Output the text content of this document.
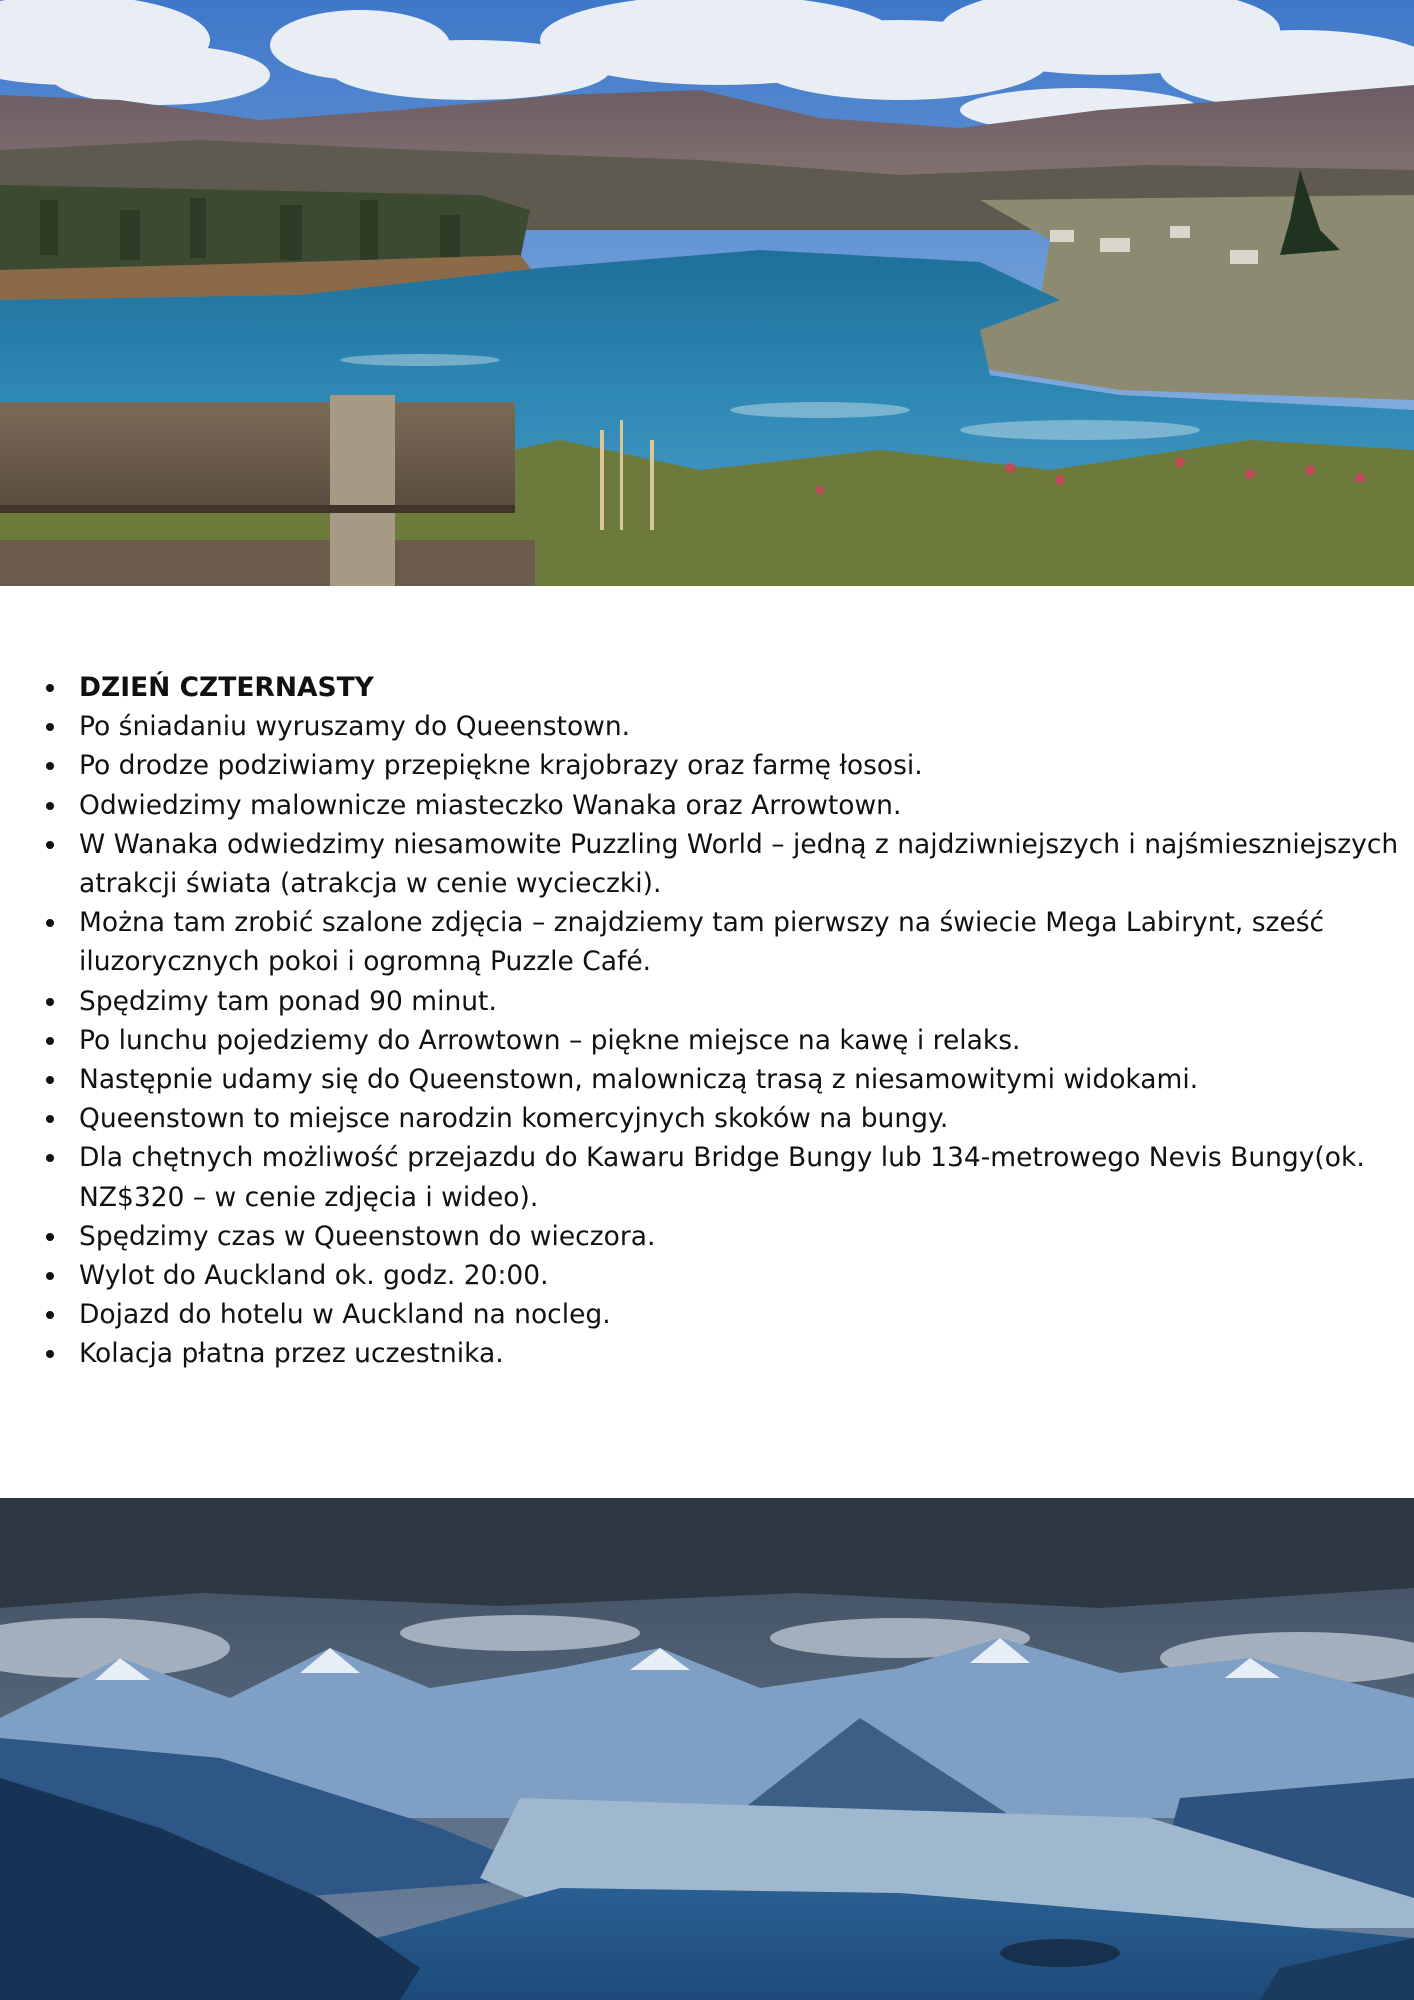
DZIEŃ CZTERNASTY
Po śniadaniu wyruszamy do Queenstown.
Po drodze podziwiamy przepiękne krajobrazy oraz farmę łososi.
Odwiedzimy malownicze miasteczko Wanaka oraz Arrowtown.
W Wanaka odwiedzimy niesamowite Puzzling World – jedną z najdziwniejszych i najśmieszniejszych atrakcji świata (atrakcja w cenie wycieczki).
Można tam zrobić szalone zdjęcia – znajdziemy tam pierwszy na świecie Mega Labirynt, sześć iluzorycznych pokoi i ogromną Puzzle Café.
Spędzimy tam ponad 90 minut.
Po lunchu pojedziemy do Arrowtown – piękne miejsce na kawę i relaks.
Następnie udamy się do Queenstown, malowniczą trasą z niesamowitymi widokami.
Queenstown to miejsce narodzin komercyjnych skoków na bungy.
Dla chętnych możliwość przejazdu do Kawaru Bridge Bungy lub 134-metrowego Nevis Bungy(ok. NZ$320 – w cenie zdjęcia i wideo).
Spędzimy czas w Queenstown do wieczora.
Wylot do Auckland ok. godz. 20:00.
Dojazd do hotelu w Auckland na nocleg.
Kolacja płatna przez uczestnika.
